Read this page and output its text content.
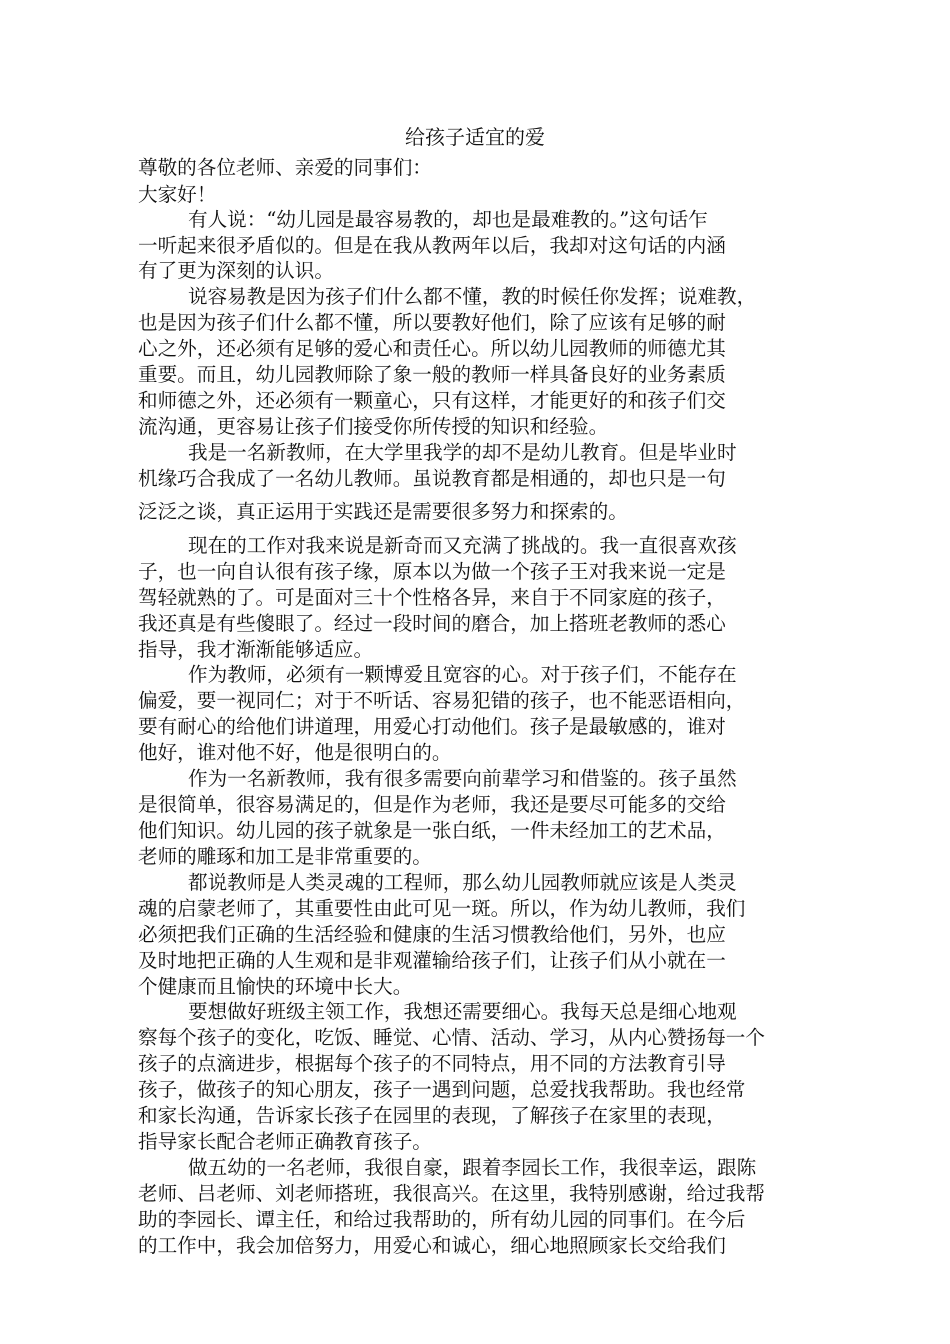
给孩子适宜的爱
尊敬的各位老师、亲爱的同事们：
大家好！
有人说：“幼儿园是最容易教的，却也是最难教的。”这句话乍
一听起来很矛盾似的。但是在我从教两年以后，我却对这句话的内涵
有了更为深刻的认识。
说容易教是因为孩子们什么都不懂，教的时候任你发挥；说难教，
也是因为孩子们什么都不懂，所以要教好他们，除了应该有足够的耐
心之外，还必须有足够的爱心和责任心。所以幼儿园教师的师德尤其
重要。而且，幼儿园教师除了象一般的教师一样具备良好的业务素质
和师德之外，还必须有一颗童心，只有这样，才能更好的和孩子们交
流沟通，更容易让孩子们接受你所传授的知识和经验。
我是一名新教师，在大学里我学的却不是幼儿教育。但是毕业时
机缘巧合我成了一名幼儿教师。虽说教育都是相通的，却也只是一句
泛泛之谈，真正运用于实践还是需要很多努力和探索的。
现在的工作对我来说是新奇而又充满了挑战的。我一直很喜欢孩
子，也一向自认很有孩子缘，原本以为做一个孩子王对我来说一定是
驾轻就熟的了。可是面对三十个性格各异，来自于不同家庭的孩子，
我还真是有些傻眼了。经过一段时间的磨合，加上搭班老教师的悉心
指导，我才渐渐能够适应。
作为教师，必须有一颗博爱且宽容的心。对于孩子们，不能存在
偏爱，要一视同仁；对于不听话、容易犯错的孩子，也不能恶语相向，
要有耐心的给他们讲道理，用爱心打动他们。孩子是最敏感的，谁对
他好，谁对他不好，他是很明白的。
作为一名新教师，我有很多需要向前辈学习和借鉴的。孩子虽然
是很简单，很容易满足的，但是作为老师，我还是要尽可能多的交给
他们知识。幼儿园的孩子就象是一张白纸，一件未经加工的艺术品，
老师的雕琢和加工是非常重要的。
都说教师是人类灵魂的工程师，那么幼儿园教师就应该是人类灵
魂的启蒙老师了，其重要性由此可见一斑。所以，作为幼儿教师，我们
必须把我们正确的生活经验和健康的生活习惯教给他们，另外，也应
及时地把正确的人生观和是非观灌输给孩子们，让孩子们从小就在一
个健康而且愉快的环境中长大。
要想做好班级主领工作，我想还需要细心。我每天总是细心地观
察每个孩子的变化，吃饭、睡觉、心情、活动、学习，从内心赞扬每一个
孩子的点滴进步，根据每个孩子的不同特点，用不同的方法教育引导
孩子，做孩子的知心朋友，孩子一遇到问题，总爱找我帮助。我也经常
和家长沟通，告诉家长孩子在园里的表现，了解孩子在家里的表现，
指导家长配合老师正确教育孩子。
做五幼的一名老师，我很自豪，跟着李园长工作，我很幸运，跟陈
老师、吕老师、刘老师搭班，我很高兴。在这里，我特别感谢，给过我帮
助的李园长、谭主任，和给过我帮助的，所有幼儿园的同事们。在今后
的工作中，我会加倍努力，用爱心和诚心，细心地照顾家长交给我们
